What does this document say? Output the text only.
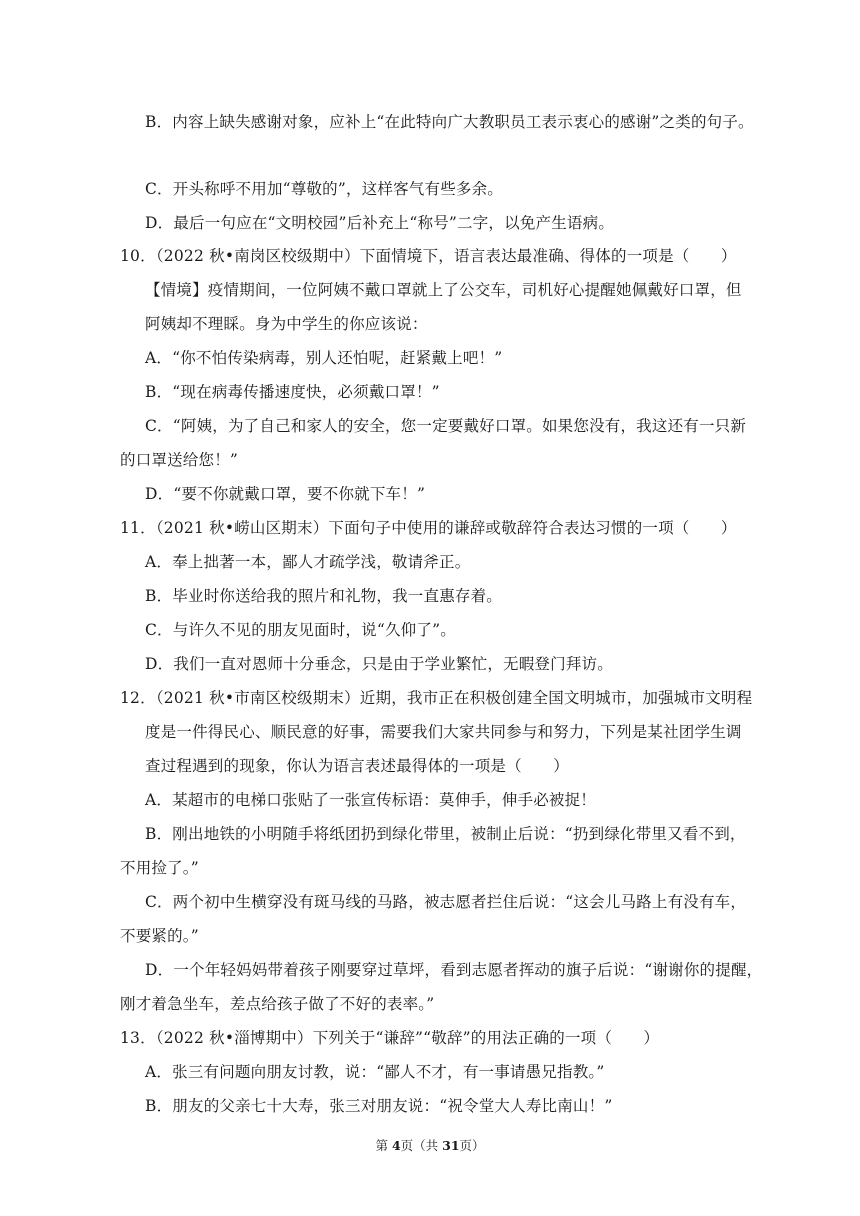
B．内容上缺失感谢对象，应补上“在此特向广大教职员工表示衷心的感谢”之类的句子。
C．开头称呼不用加“尊敬的”，这样客气有些多余。
D．最后一句应在“文明校园”后补充上“称号”二字，以免产生语病。
10．（2022 秋•南岗区校级期中）下面情境下，语言表达最准确、得体的一项是（　　）
【情境】疫情期间，一位阿姨不戴口罩就上了公交车，司机好心提醒她佩戴好口罩，但
阿姨却不理睬。身为中学生的你应该说：
A．“你不怕传染病毒，别人还怕呢，赶紧戴上吧！”
B．“现在病毒传播速度快，必须戴口罩！”
C．“阿姨，为了自己和家人的安全，您一定要戴好口罩。如果您没有，我这还有一只新
的口罩送给您！”
D．“要不你就戴口罩，要不你就下车！”
11．（2021 秋•崂山区期末）下面句子中使用的谦辞或敬辞符合表达习惯的一项（　　）
A．奉上拙著一本，鄙人才疏学浅，敬请斧正。
B．毕业时你送给我的照片和礼物，我一直惠存着。
C．与许久不见的朋友见面时，说“久仰了”。
D．我们一直对恩师十分垂念，只是由于学业繁忙，无暇登门拜访。
12．（2021 秋•市南区校级期末）近期，我市正在积极创建全国文明城市，加强城市文明程
度是一件得民心、顺民意的好事，需要我们大家共同参与和努力，下列是某社团学生调
查过程遇到的现象，你认为语言表述最得体的一项是（　　）
A．某超市的电梯口张贴了一张宣传标语：莫伸手，伸手必被捉！
B．刚出地铁的小明随手将纸团扔到绿化带里，被制止后说：“扔到绿化带里又看不到，
不用捡了。”
C．两个初中生横穿没有斑马线的马路，被志愿者拦住后说：“这会儿马路上有没有车，
不要紧的。”
D．一个年轻妈妈带着孩子刚要穿过草坪，看到志愿者挥动的旗子后说：“谢谢你的提醒，
刚才着急坐车，差点给孩子做了不好的表率。”
13．（2022 秋•淄博期中）下列关于“谦辞”“敬辞”的用法正确的一项（　　）
A．张三有问题向朋友讨教，说：“鄙人不才，有一事请愚兄指教。”
B．朋友的父亲七十大寿，张三对朋友说：“祝令堂大人寿比南山！”
第 4页（共 31页）
